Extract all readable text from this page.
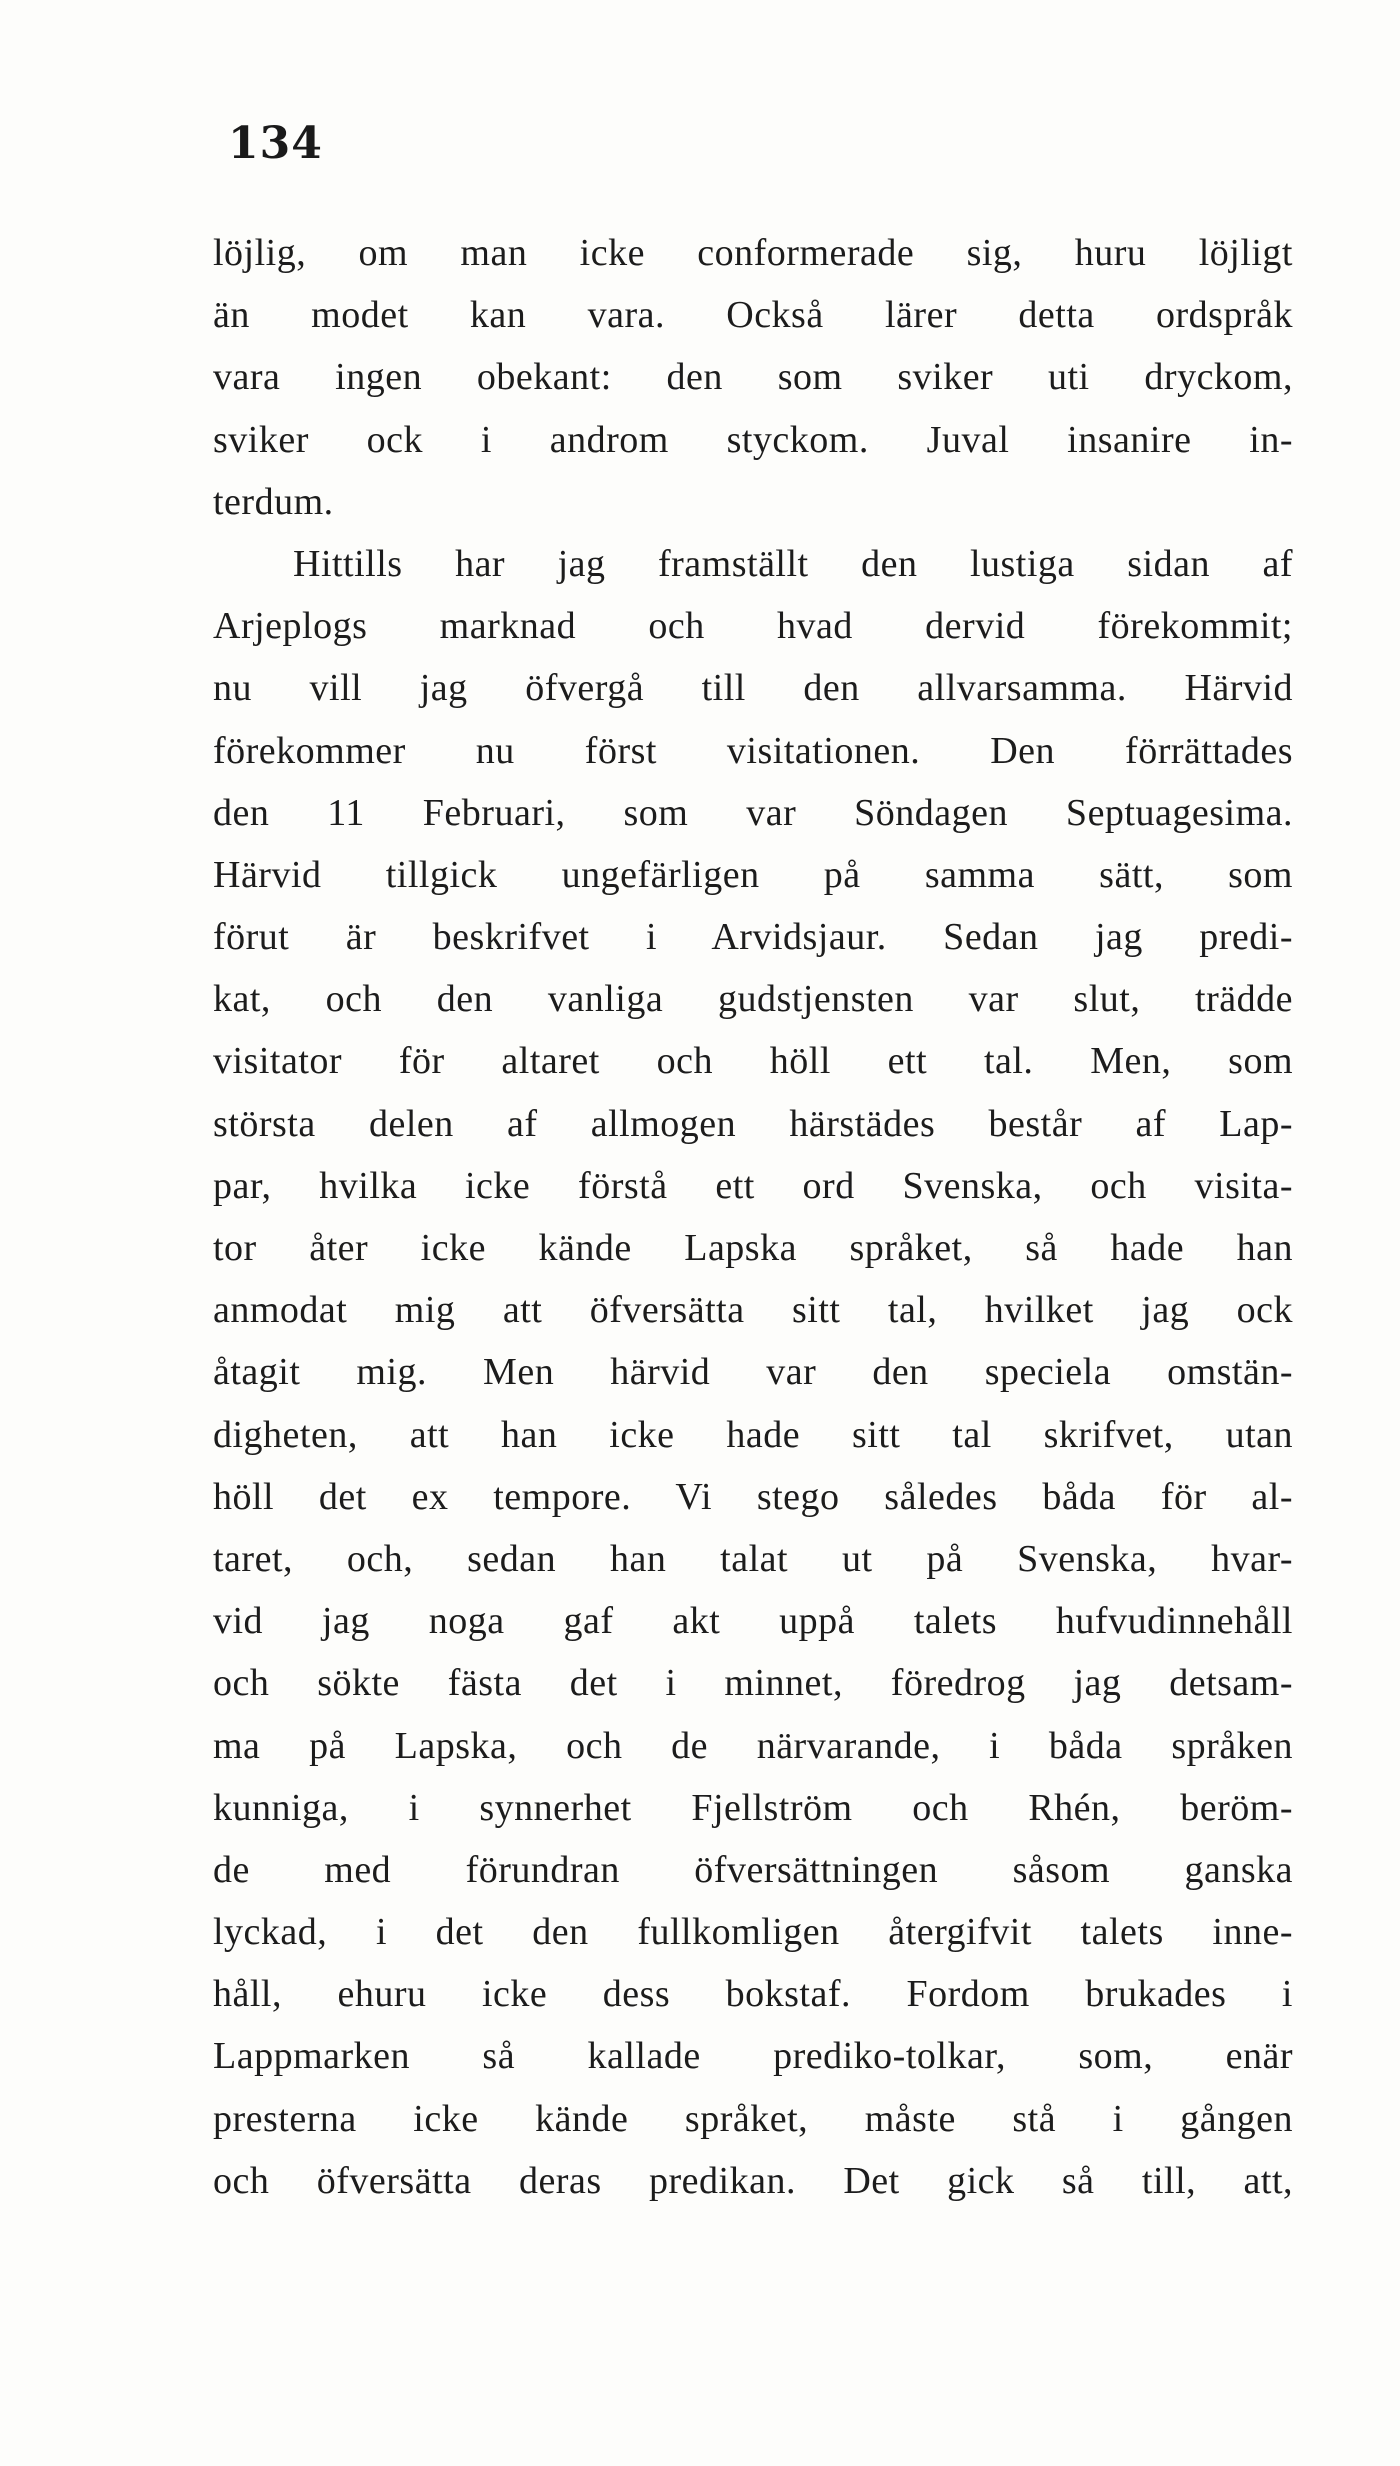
134
löjlig, om man icke conformerade sig, huru löjligt
än modet kan vara. Också lärer detta ordspråk
vara ingen obekant: den som sviker uti dryckom,
sviker ock i androm styckom. Juval insanire in-
terdum.
Hittills har jag framställt den lustiga sidan af
Arjeplogs marknad och hvad dervid förekommit;
nu vill jag öfvergå till den allvarsamma. Härvid
förekommer nu först visitationen. Den förrättades
den 11 Februari, som var Söndagen Septuagesima.
Härvid tillgick ungefärligen på samma sätt, som
förut är beskrifvet i Arvidsjaur. Sedan jag predi-
kat, och den vanliga gudstjensten var slut, trädde
visitator för altaret och höll ett tal. Men, som
största delen af allmogen härstädes består af Lap-
par, hvilka icke förstå ett ord Svenska, och visita-
tor åter icke kände Lapska språket, så hade han
anmodat mig att öfversätta sitt tal, hvilket jag ock
åtagit mig. Men härvid var den speciela omstän-
digheten, att han icke hade sitt tal skrifvet, utan
höll det ex tempore. Vi stego således båda för al-
taret, och, sedan han talat ut på Svenska, hvar-
vid jag noga gaf akt uppå talets hufvudinnehåll
och sökte fästa det i minnet, föredrog jag detsam-
ma på Lapska, och de närvarande, i båda språken
kunniga, i synnerhet Fjellström och Rhén, beröm-
de med förundran öfversättningen såsom ganska
lyckad, i det den fullkomligen återgifvit talets inne-
håll, ehuru icke dess bokstaf. Fordom brukades i
Lappmarken så kallade prediko-tolkar, som, enär
presterna icke kände språket, måste stå i gången
och öfversätta deras predikan. Det gick så till, att,
